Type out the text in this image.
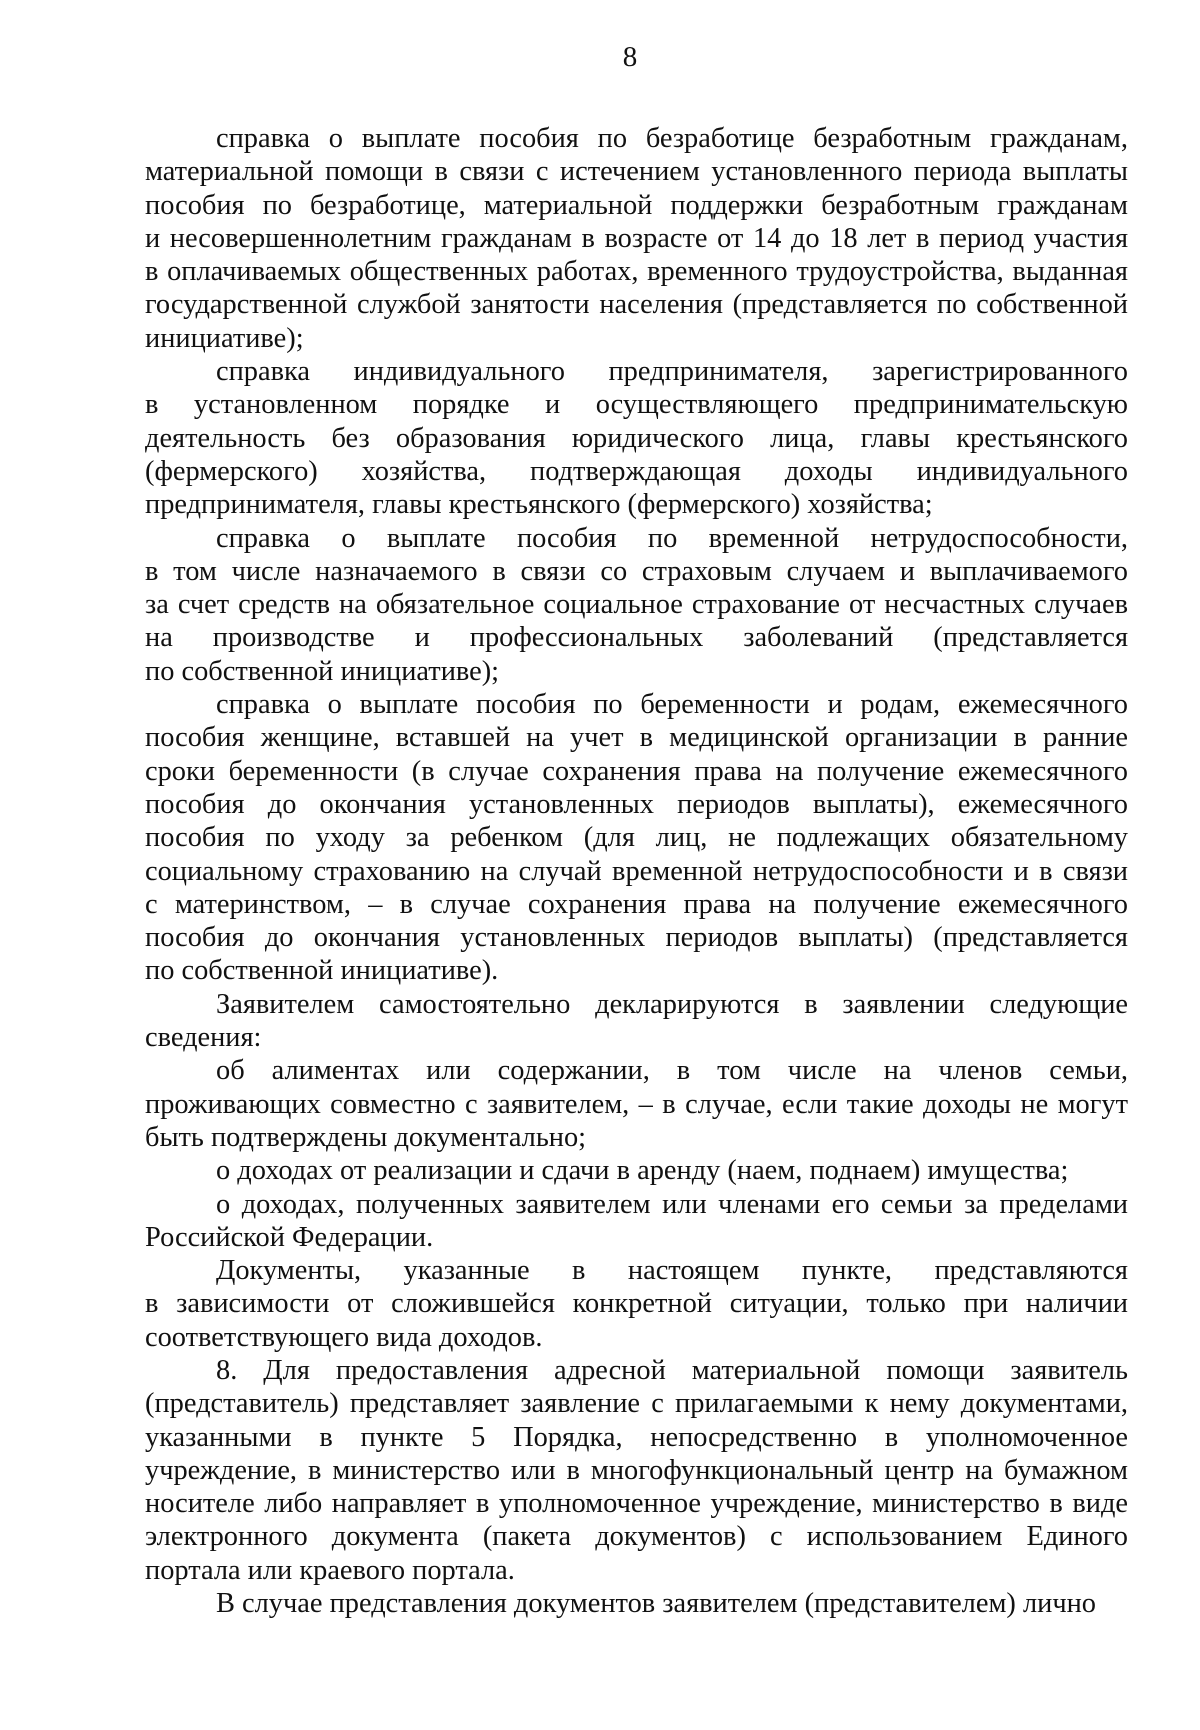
8
справка о выплате пособия по безработице безработным гражданам,
материальной помощи в связи с истечением установленного периода выплаты
пособия по безработице, материальной поддержки безработным гражданам
и несовершеннолетним гражданам в возрасте от 14 до 18 лет в период участия
в оплачиваемых общественных работах, временного трудоустройства, выданная
государственной службой занятости населения (представляется по собственной
инициативе);
справка индивидуального предпринимателя, зарегистрированного
в установленном порядке и осуществляющего предпринимательскую
деятельность без образования юридического лица, главы крестьянского
(фермерского) хозяйства, подтверждающая доходы индивидуального
предпринимателя, главы крестьянского (фермерского) хозяйства;
справка о выплате пособия по временной нетрудоспособности,
в том числе назначаемого в связи со страховым случаем и выплачиваемого
за счет средств на обязательное социальное страхование от несчастных случаев
на производстве и профессиональных заболеваний (представляется
по собственной инициативе);
справка о выплате пособия по беременности и родам, ежемесячного
пособия женщине, вставшей на учет в медицинской организации в ранние
сроки беременности (в случае сохранения права на получение ежемесячного
пособия до окончания установленных периодов выплаты), ежемесячного
пособия по уходу за ребенком (для лиц, не подлежащих обязательному
социальному страхованию на случай временной нетрудоспособности и в связи
с материнством, – в случае сохранения права на получение ежемесячного
пособия до окончания установленных периодов выплаты) (представляется
по собственной инициативе).
Заявителем самостоятельно декларируются в заявлении следующие
сведения:
об алиментах или содержании, в том числе на членов семьи,
проживающих совместно с заявителем, – в случае, если такие доходы не могут
быть подтверждены документально;
о доходах от реализации и сдачи в аренду (наем, поднаем) имущества;
о доходах, полученных заявителем или членами его семьи за пределами
Российской Федерации.
Документы, указанные в настоящем пункте, представляются
в зависимости от сложившейся конкретной ситуации, только при наличии
соответствующего вида доходов.
8. Для предоставления адресной материальной помощи заявитель
(представитель) представляет заявление с прилагаемыми к нему документами,
указанными в пункте 5 Порядка, непосредственно в уполномоченное
учреждение, в министерство или в многофункциональный центр на бумажном
носителе либо направляет в уполномоченное учреждение, министерство в виде
электронного документа (пакета документов) с использованием Единого
портала или краевого портала.
В случае представления документов заявителем (представителем) лично
